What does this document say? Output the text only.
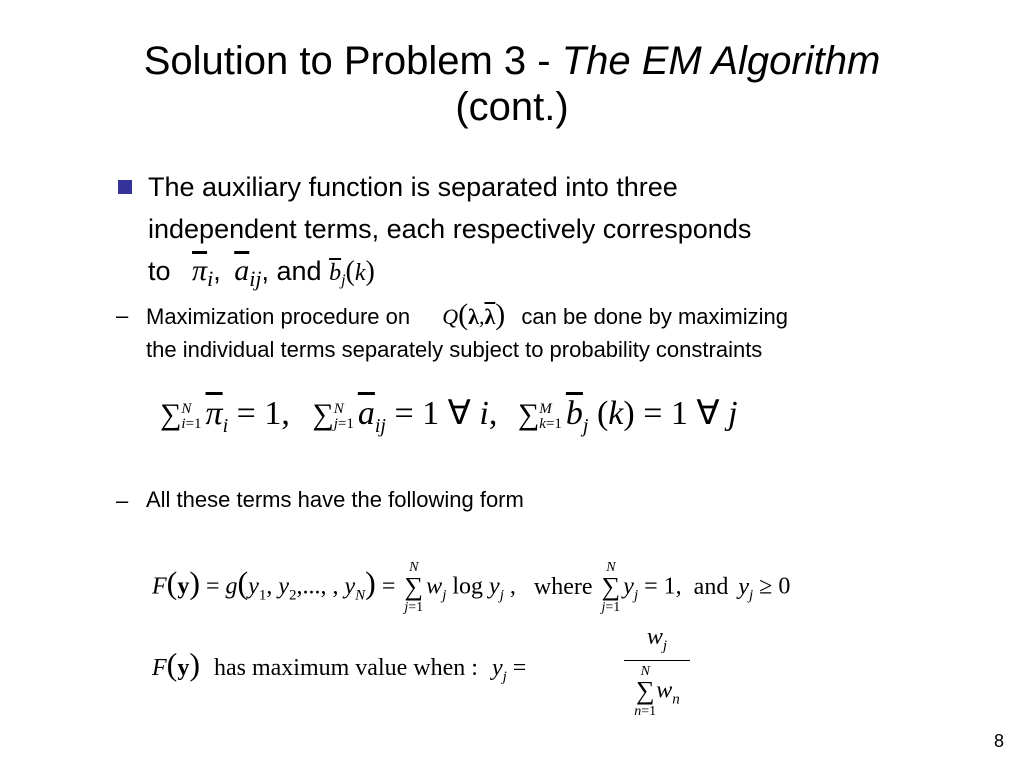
Solution to Problem 3 - The EM Algorithm
(cont.)
The auxiliary function is separated into three
independent terms, each respectively corresponds
to $\overline{\pi}_i$, $\overline{a}_{ij}$, and $\overline{b}_j(k)$
– Maximization procedure on $Q(\lambda,\overline{\lambda})$ can be done by maximizing
the individual terms separately subject to probability constraints
∑N
i=1 $\overline{\pi}_i = 1$, ∑N
j=1 $\overline{a}_{ij} = 1$ ∀ i, ∑M
k=1 $\overline{b}_j$ (k) = 1 ∀ j
– All these terms have the following form
$F(y) = g(y_1$, $y_2$,..., , $y_N) = N$
∑
$j=1w_j$ $\log y_j$ , where N
∑
$j=1y_j = 1$, and $y_j \ge 0$
F(y) has maximum value when : $y_j$ =
$w_j$
N
∑
$n=1w_n$
8
